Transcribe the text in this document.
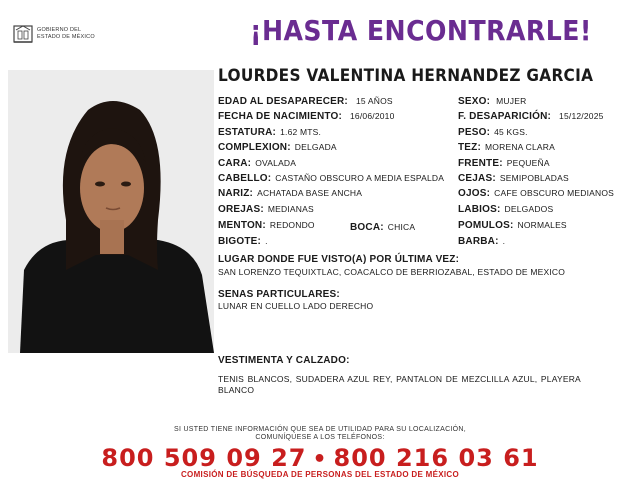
GOBIERNO DEL
ESTADO DE MÉXICO	¡HASTA ENCONTRARLE!
LOURDES VALENTINA HERNANDEZ GARCIA
EDAD AL DESAPARECER: 15 AÑOS
FECHA DE NACIMIENTO: 16/06/2010
ESTATURA: 1.62 MTS.
COMPLEXION: DELGADA
CARA: OVALADA
CABELLO: CASTAÑO OBSCURO A MEDIA ESPALDA
NARIZ: ACHATADA BASE ANCHA
OREJAS: MEDIANAS
MENTON: REDONDO	BOCA: CHICA
BIGOTE: .
SEXO: MUJER
F. DESAPARICIÓN: 15/12/2025
PESO: 45 KGS.
TEZ: MORENA CLARA
FRENTE: PEQUEÑA
CEJAS: SEMIPOBLADAS
OJOS: CAFE OBSCURO MEDIANOS
LABIOS: DELGADOS
POMULOS: NORMALES
BARBA: .
LUGAR DONDE FUE VISTO(A) POR ÚLTIMA VEZ:
SAN LORENZO TEQUIXTLAC, COACALCO DE BERRIOZABAL, ESTADO DE MEXICO
SENAS PARTICULARES:
LUNAR EN CUELLO LADO DERECHO
VESTIMENTA Y CALZADO:
TENIS BLANCOS, SUDADERA AZUL REY, PANTALON DE MEZCLILLA AZUL, PLAYERA BLANCO
SI USTED TIENE INFORMACIÓN QUE SEA DE UTILIDAD PARA SU LOCALIZACIÓN,
COMUNÍQUESE A LOS TELÉFONOS:
800 509 09 27 • 800 216 03 61
COMISIÓN DE BÚSQUEDA DE PERSONAS DEL ESTADO DE MÉXICO
